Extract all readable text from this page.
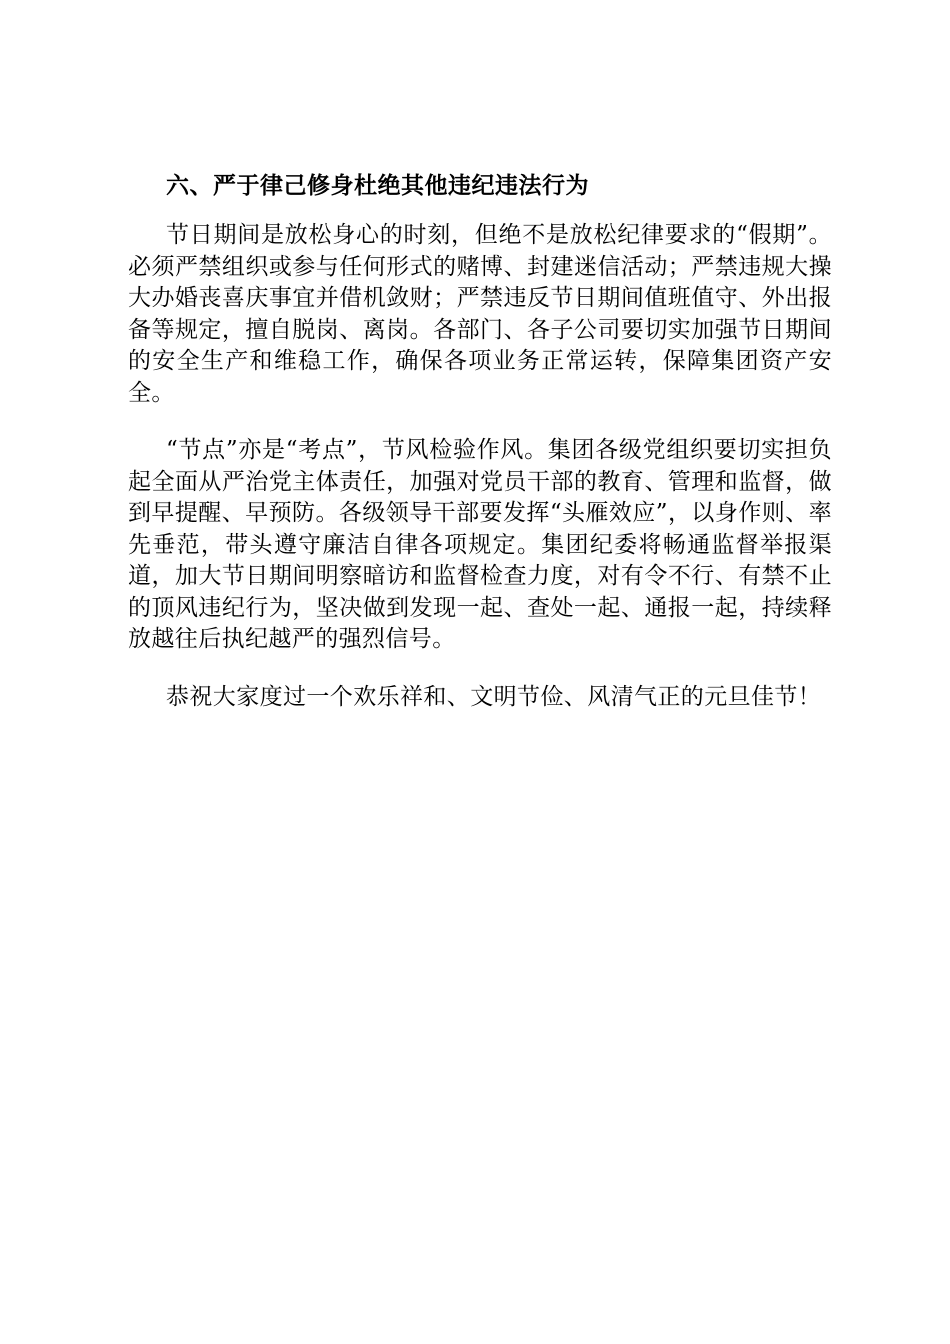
六、严于律己修身杜绝其他违纪违法行为

节日期间是放松身心的时刻，但绝不是放松纪律要求的“假期”。必须严禁组织或参与任何形式的赌博、封建迷信活动；严禁违规大操大办婚丧喜庆事宜并借机敛财；严禁违反节日期间值班值守、外出报备等规定，擅自脱岗、离岗。各部门、各子公司要切实加强节日期间的安全生产和维稳工作，确保各项业务正常运转，保障集团资产安全。

“节点”亦是“考点”，节风检验作风。集团各级党组织要切实担负起全面从严治党主体责任，加强对党员干部的教育、管理和监督，做到早提醒、早预防。各级领导干部要发挥“头雁效应”，以身作则、率先垂范，带头遵守廉洁自律各项规定。集团纪委将畅通监督举报渠道，加大节日期间明察暗访和监督检查力度，对有令不行、有禁不止的顶风违纪行为，坚决做到发现一起、查处一起、通报一起，持续释放越往后执纪越严的强烈信号。

恭祝大家度过一个欢乐祥和、文明节俭、风清气正的元旦佳节！
